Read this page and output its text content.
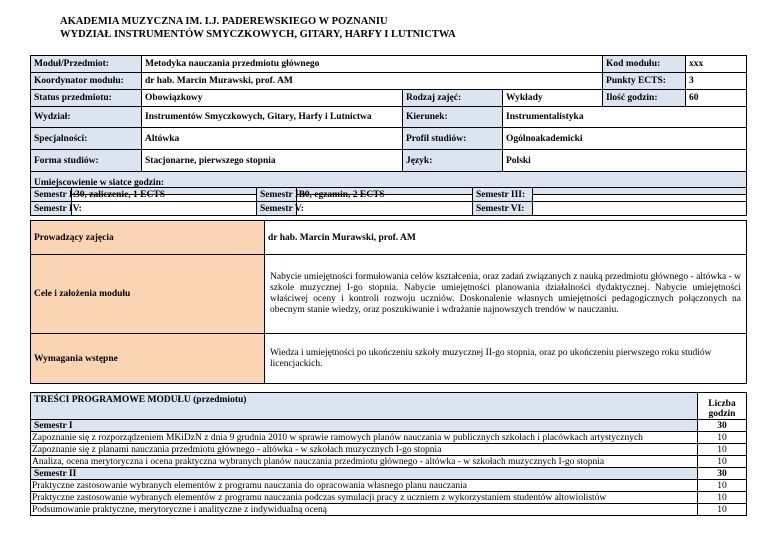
AKADEMIA MUZYCZNA IM. I.J. PADEREWSKIEGO W POZNANIU
WYDZIAŁ INSTRUMENTÓW SMYCZKOWYCH, GITARY, HARFY I LUTNICTWA
Moduł/Przedmiot:	Metodyka nauczania przedmiotu głównego			Kod modułu:	xxx
Koordynator modułu:	dr hab. Marcin Murawski, prof. AM			Punkty ECTS:	3
Status przedmiotu:	Obowiązkowy	Rodzaj zajęć:	Wykłady	Ilość godzin:	60
Wydział:	Instrumentów Smyczkowych, Gitary, Harfy i Lutnictwa	Kierunek:	Instrumentalistyka		
Specjalności:	Altówka	Profil studiów:	Ogólnoakademicki		
Forma studiów:	Stacjonarne, pierwszego stopnia	Język:	Polski		
Umiejscowienie w siatce godzin:					
Semestr I:	30, zaliczenie, 1 ECTS	Semestr II:	30, egzamin, 2 ECTS	Semestr III:	
Semestr IV:		Semestr V:		Semestr VI:	
Prowadzący zajęcia	dr hab. Marcin Murawski, prof. AM
Cele i założenia modułu	Nabycie umiejętności formułowania celów kształcenia, oraz zadań związanych z nauką przedmiotu głównego - altówka - w szkole muzycznej I-go stopnia. Nabycie umiejętności planowania działalności dydaktycznej. Nabycie umiejętności właściwej oceny i kontroli rozwoju uczniów. Doskonalenie własnych umiejętności pedagogicznych połączonych na obecnym stanie wiedzy, oraz poszukiwanie i wdrażanie najnowszych trendów w nauczaniu.
Wymagania wstępne	Wiedza i umiejętności po ukończeniu szkoły muzycznej II-go stopnia, oraz po ukończeniu pierwszego roku studiów licencjackich.
TREŚCI PROGRAMOWE MODUŁU (przedmiotu)	Liczba godzin
Semestr I	30
Zapoznanie się z rozporządzeniem MKiDzN z dnia 9 grudnia 2010 w sprawie ramowych planów nauczania w publicznych szkołach i placówkach artystycznych	10
Zapoznanie się z planami nauczania przedmiotu głównego - altówka - w szkołach muzycznych I-go stopnia	10
Analiza, ocena merytoryczna i ocena praktyczna wybranych planów nauczania przedmiotu głównego - altówka - w szkołach muzycznych I-go stopnia	10
Semestr II	30
Praktyczne zastosowanie wybranych elementów z programu nauczania do opracowania własnego planu nauczania	10
Praktyczne zastosowanie wybranych elementów z programu nauczania podczas symulacji pracy z uczniem z wykorzystaniem studentów altowiolistów	10
Podsumowanie praktyczne, merytoryczne i analityczne z indywidualną oceną	10
